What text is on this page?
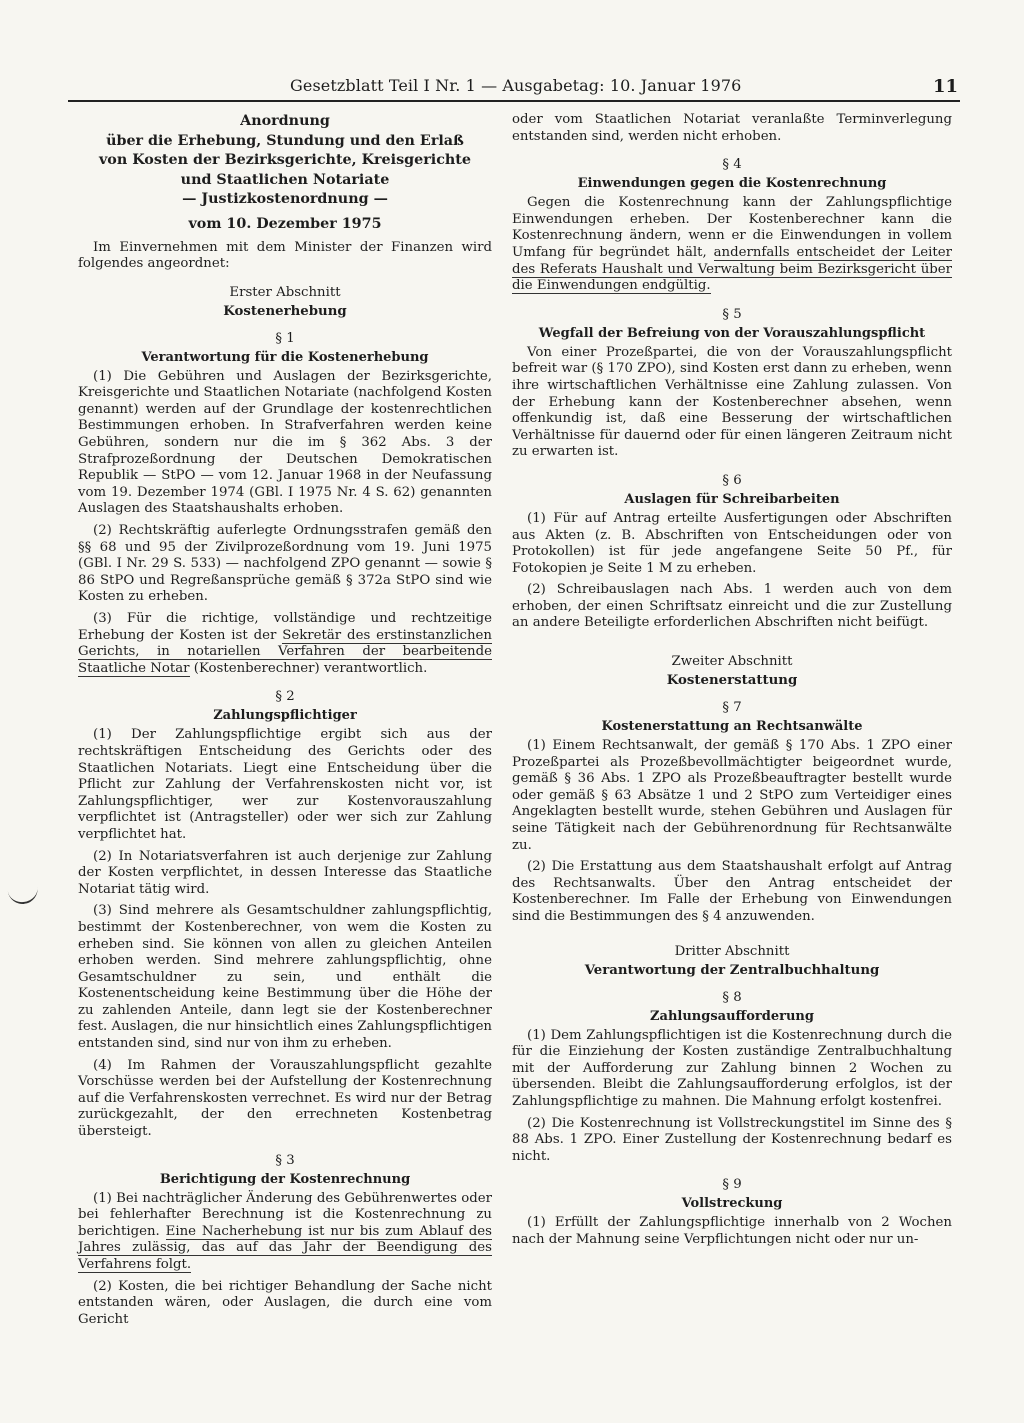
Gesetzblatt Teil I Nr. 1 — Ausgabetag: 10. Januar 1976	11
Anordnung
über die Erhebung, Stundung und den Erlaß
von Kosten der Bezirksgerichte, Kreisgerichte
und Staatlichen Notariate
— Justizkostenordnung —
vom 10. Dezember 1975

Im Einvernehmen mit dem Minister der Finanzen wird folgendes angeordnet:

Erster Abschnitt
Kostenerhebung
§ 1
Verantwortung für die Kostenerhebung

(1) Die Gebühren und Auslagen der Bezirksgerichte, Kreisgerichte und Staatlichen Notariate (nachfolgend Kosten genannt) werden auf der Grundlage der kostenrechtlichen Bestimmungen erhoben. In Strafverfahren werden keine Gebühren, sondern nur die im § 362 Abs. 3 der Strafprozeßordnung der Deutschen Demokratischen Republik — StPO — vom 12. Januar 1968 in der Neufassung vom 19. Dezember 1974 (GBl. I 1975 Nr. 4 S. 62) genannten Auslagen des Staatshaushalts erhoben.

(2) Rechtskräftig auferlegte Ordnungsstrafen gemäß den §§ 68 und 95 der Zivilprozeßordnung vom 19. Juni 1975 (GBl. I Nr. 29 S. 533) — nachfolgend ZPO genannt — sowie § 86 StPO und Regreßansprüche gemäß § 372a StPO sind wie Kosten zu erheben.

(3) Für die richtige, vollständige und rechtzeitige Erhebung der Kosten ist der Sekretär des erstinstanzlichen Gerichts, in notariellen Verfahren der bearbeitende Staatliche Notar (Kostenberechner) verantwortlich.

§ 2
Zahlungspflichtiger

(1) Der Zahlungspflichtige ergibt sich aus der rechtskräftigen Entscheidung des Gerichts oder des Staatlichen Notariats. Liegt eine Entscheidung über die Pflicht zur Zahlung der Verfahrenskosten nicht vor, ist Zahlungspflichtiger, wer zur Kostenvorauszahlung verpflichtet ist (Antragsteller) oder wer sich zur Zahlung verpflichtet hat.

(2) In Notariatsverfahren ist auch derjenige zur Zahlung der Kosten verpflichtet, in dessen Interesse das Staatliche Notariat tätig wird.

(3) Sind mehrere als Gesamtschuldner zahlungspflichtig, bestimmt der Kostenberechner, von wem die Kosten zu erheben sind. Sie können von allen zu gleichen Anteilen erhoben werden. Sind mehrere zahlungspflichtig, ohne Gesamtschuldner zu sein, und enthält die Kostenentscheidung keine Bestimmung über die Höhe der zu zahlenden Anteile, dann legt sie der Kostenberechner fest. Auslagen, die nur hinsichtlich eines Zahlungspflichtigen entstanden sind, sind nur von ihm zu erheben.

(4) Im Rahmen der Vorauszahlungspflicht gezahlte Vorschüsse werden bei der Aufstellung der Kostenrechnung auf die Verfahrenskosten verrechnet. Es wird nur der Betrag zurückgezahlt, der den errechneten Kostenbetrag übersteigt.

§ 3
Berichtigung der Kostenrechnung

(1) Bei nachträglicher Änderung des Gebührenwertes oder bei fehlerhafter Berechnung ist die Kostenrechnung zu berichtigen. Eine Nacherhebung ist nur bis zum Ablauf des Jahres zulässig, das auf das Jahr der Beendigung des Verfahrens folgt.

(2) Kosten, die bei richtiger Behandlung der Sache nicht entstanden wären, oder Auslagen, die durch eine vom Gericht

oder vom Staatlichen Notariat veranlaßte Terminverlegung entstanden sind, werden nicht erhoben.

§ 4
Einwendungen gegen die Kostenrechnung

Gegen die Kostenrechnung kann der Zahlungspflichtige Einwendungen erheben. Der Kostenberechner kann die Kostenrechnung ändern, wenn er die Einwendungen in vollem Umfang für begründet hält, andernfalls entscheidet der Leiter des Referats Haushalt und Verwaltung beim Bezirksgericht über die Einwendungen endgültig.

§ 5
Wegfall der Befreiung von der Vorauszahlungspflicht

Von einer Prozeßpartei, die von der Vorauszahlungspflicht befreit war (§ 170 ZPO), sind Kosten erst dann zu erheben, wenn ihre wirtschaftlichen Verhältnisse eine Zahlung zulassen. Von der Erhebung kann der Kostenberechner absehen, wenn offenkundig ist, daß eine Besserung der wirtschaftlichen Verhältnisse für dauernd oder für einen längeren Zeitraum nicht zu erwarten ist.

§ 6
Auslagen für Schreibarbeiten

(1) Für auf Antrag erteilte Ausfertigungen oder Abschriften aus Akten (z. B. Abschriften von Entscheidungen oder von Protokollen) ist für jede angefangene Seite 50 Pf., für Fotokopien je Seite 1 M zu erheben.

(2) Schreibauslagen nach Abs. 1 werden auch von dem erhoben, der einen Schriftsatz einreicht und die zur Zustellung an andere Beteiligte erforderlichen Abschriften nicht beifügt.

Zweiter Abschnitt
Kostenerstattung
§ 7
Kostenerstattung an Rechtsanwälte

(1) Einem Rechtsanwalt, der gemäß § 170 Abs. 1 ZPO einer Prozeßpartei als Prozeßbevollmächtigter beigeordnet wurde, gemäß § 36 Abs. 1 ZPO als Prozeßbeauftragter bestellt wurde oder gemäß § 63 Absätze 1 und 2 StPO zum Verteidiger eines Angeklagten bestellt wurde, stehen Gebühren und Auslagen für seine Tätigkeit nach der Gebührenordnung für Rechtsanwälte zu.

(2) Die Erstattung aus dem Staatshaushalt erfolgt auf Antrag des Rechtsanwalts. Über den Antrag entscheidet der Kostenberechner. Im Falle der Erhebung von Einwendungen sind die Bestimmungen des § 4 anzuwenden.

Dritter Abschnitt
Verantwortung der Zentralbuchhaltung
§ 8
Zahlungsaufforderung

(1) Dem Zahlungspflichtigen ist die Kostenrechnung durch die für die Einziehung der Kosten zuständige Zentralbuchhaltung mit der Aufforderung zur Zahlung binnen 2 Wochen zu übersenden. Bleibt die Zahlungsaufforderung erfolglos, ist der Zahlungspflichtige zu mahnen. Die Mahnung erfolgt kostenfrei.

(2) Die Kostenrechnung ist Vollstreckungstitel im Sinne des § 88 Abs. 1 ZPO. Einer Zustellung der Kostenrechnung bedarf es nicht.

§ 9
Vollstreckung

(1) Erfüllt der Zahlungspflichtige innerhalb von 2 Wochen nach der Mahnung seine Verpflichtungen nicht oder nur un-
